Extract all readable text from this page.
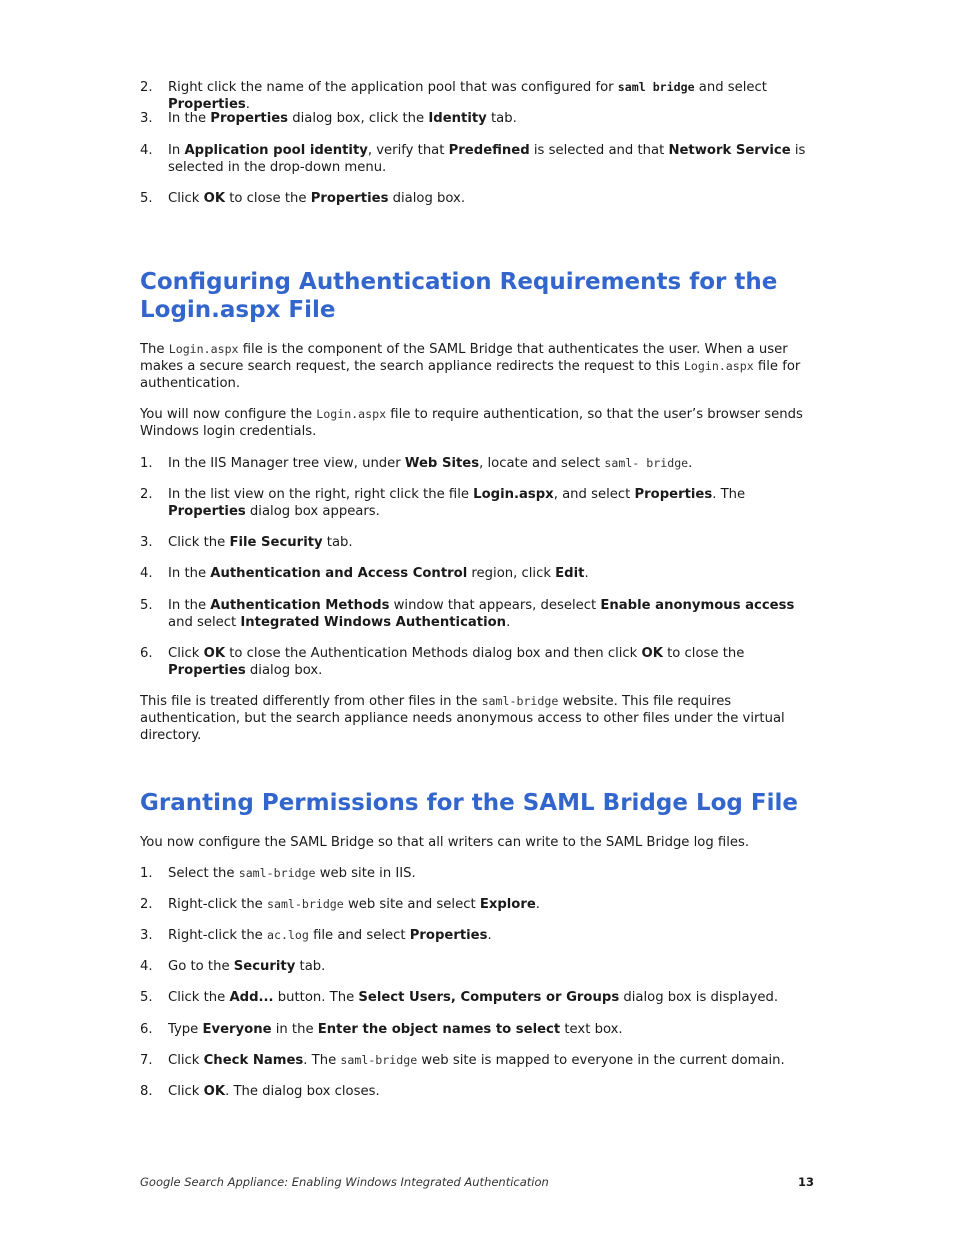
2. Right click the name of the application pool that was configured for saml bridge and select Properties.
3. In the Properties dialog box, click the Identity tab.
4. In Application pool identity, verify that Predefined is selected and that Network Service is selected in the drop-down menu.
5. Click OK to close the Properties dialog box.
Configuring Authentication Requirements for the Login.aspx File

The Login.aspx file is the component of the SAML Bridge that authenticates the user. When a user makes a secure search request, the search appliance redirects the request to this Login.aspx file for authentication.

You will now configure the Login.aspx file to require authentication, so that the user’s browser sends Windows login credentials.

1. In the IIS Manager tree view, under Web Sites, locate and select saml- bridge.
2. In the list view on the right, right click the file Login.aspx, and select Properties. The Properties dialog box appears.
3. Click the File Security tab.
4. In the Authentication and Access Control region, click Edit.
5. In the Authentication Methods window that appears, deselect Enable anonymous access and select Integrated Windows Authentication.
6. Click OK to close the Authentication Methods dialog box and then click OK to close the Properties dialog box.

This file is treated differently from other files in the saml-bridge website. This file requires authentication, but the search appliance needs anonymous access to other files under the virtual directory.

Granting Permissions for the SAML Bridge Log File

You now configure the SAML Bridge so that all writers can write to the SAML Bridge log files.

1. Select the saml-bridge web site in IIS.
2. Right-click the saml-bridge web site and select Explore.
3. Right-click the ac.log file and select Properties.
4. Go to the Security tab.
5. Click the Add... button. The Select Users, Computers or Groups dialog box is displayed.
6. Type Everyone in the Enter the object names to select text box.
7. Click Check Names. The saml-bridge web site is mapped to everyone in the current domain.
8. Click OK. The dialog box closes.
Google Search Appliance: Enabling Windows Integrated Authentication	13
